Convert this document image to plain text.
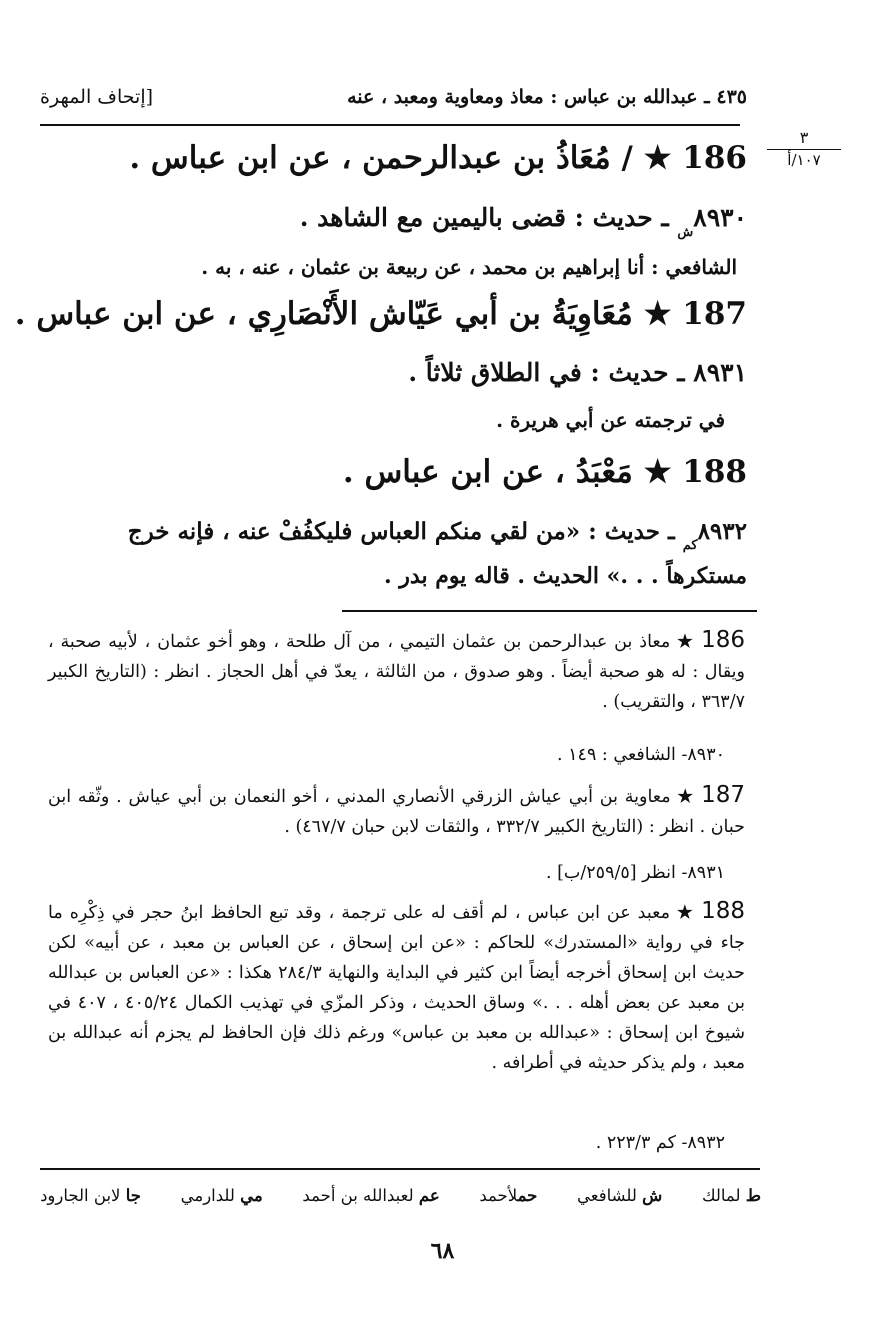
٤٣٥ ـ عبدالله بن عباس : معاذ ومعاوية ومعبد ، عنه
[إتحاف المهرة
٣
١٠٧/أ
186 ★ / مُعَاذُ بن عبدالرحمن ، عن ابن عباس .
$٨٩٣٠_ش$ ـ حديث : قضى باليمين مع الشاهد .
الشافعي : أنا إبراهيم بن محمد ، عن ربيعة بن عثمان ، عنه ، به .
187 ★ مُعَاوِيَةُ بن أبي عَيّاش الأَنْصَارِي ، عن ابن عباس .
٨٩٣١ ـ حديث : في الطلاق ثلاثاً .
في ترجمته عن أبي هريرة .
188 ★ مَعْبَدُ ، عن ابن عباس .
$٨٩٣٢_{كم}$ ـ حديث : «من لقي منكم العباس فليكفُفْ عنه ، فإنه خرج
مستكرهاً . . .» الحديث . قاله يوم بدر .
186 ★ معاذ بن عبدالرحمن بن عثمان التيمي ، من آل طلحة ، وهو أخو عثمان ، لأبيه صحبة ، ويقال : له هو صحبة أيضاً . وهو صدوق ، من الثالثة ، يعدّ في أهل الحجاز . انظر : (التاريخ الكبير ٣٦٣/٧ ، والتقريب) .
٨٩٣٠- الشافعي : ١٤٩ .
187 ★ معاوية بن أبي عياش الزرقي الأنصاري المدني ، أخو النعمان بن أبي عياش . وثّقه ابن حبان . انظر : (التاريخ الكبير ٣٣٢/٧ ، والثقات لابن حبان ٤٦٧/٧) .
٨٩٣١- انظر [٢٥٩/٥/ب] .
188 ★ معبد عن ابن عباس ، لم أقف له على ترجمة ، وقد تبع الحافظ ابنُ حجر في ذِكْرِه ما جاء في رواية «المستدرك» للحاكم : «عن ابن إسحاق ، عن العباس بن معبد ، عن أبيه» لكن حديث ابن إسحاق أخرجه أيضاً ابن كثير في البداية والنهاية ٢٨٤/٣ هكذا : «عن العباس بن عبدالله بن معبد عن بعض أهله . . .» وساق الحديث ، وذكر المزّي في تهذيب الكمال ٤٠٥/٢٤ ، ٤٠٧ في شيوخ ابن إسحاق : «عبدالله بن معبد بن عباس» ورغم ذلك فإن الحافظ لم يجزم أنه عبدالله بن معبد ، ولم يذكر حديثه في أطرافه .
٨٩٣٢- كم ٢٢٣/٣ .
ط لمالك
ش للشافعي
حملأحمد
عم لعبدالله بن أحمد
مي للدارمي
جا لابن الجارود
٦٨
